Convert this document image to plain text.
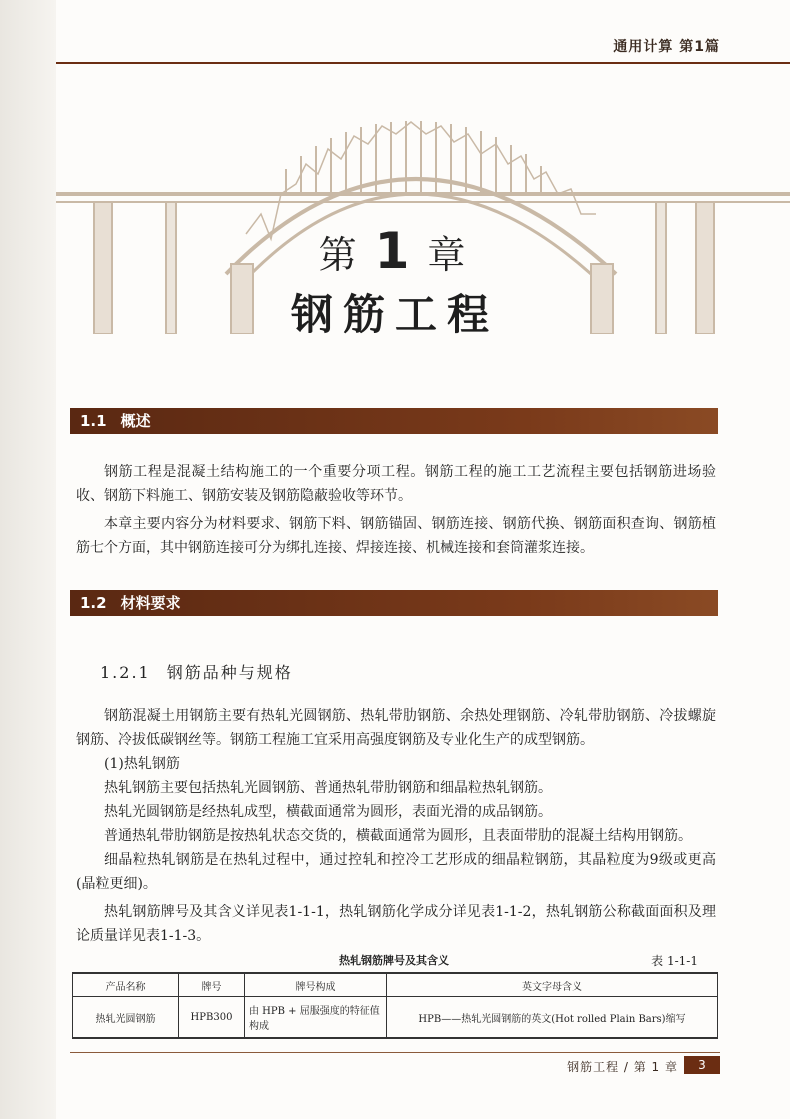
通用计算 第1篇
第 1 章
钢筋工程
1.1 概述
钢筋工程是混凝土结构施工的一个重要分项工程。钢筋工程的施工工艺流程主要包括钢筋进场验收、钢筋下料施工、钢筋安装及钢筋隐蔽验收等环节。
本章主要内容分为材料要求、钢筋下料、钢筋锚固、钢筋连接、钢筋代换、钢筋面积查询、钢筋植筋七个方面，其中钢筋连接可分为绑扎连接、焊接连接、机械连接和套筒灌浆连接。
1.2 材料要求
1.2.1 钢筋品种与规格
钢筋混凝土用钢筋主要有热轧光圆钢筋、热轧带肋钢筋、余热处理钢筋、冷轧带肋钢筋、冷拔螺旋钢筋、冷拔低碳钢丝等。钢筋工程施工宜采用高强度钢筋及专业化生产的成型钢筋。
(1)热轧钢筋
热轧钢筋主要包括热轧光圆钢筋、普通热轧带肋钢筋和细晶粒热轧钢筋。
热轧光圆钢筋是经热轧成型，横截面通常为圆形，表面光滑的成品钢筋。
普通热轧带肋钢筋是按热轧状态交货的，横截面通常为圆形，且表面带肋的混凝土结构用钢筋。
细晶粒热轧钢筋是在热轧过程中，通过控轧和控冷工艺形成的细晶粒钢筋，其晶粒度为9级或更高(晶粒更细)。
热轧钢筋牌号及其含义详见表1-1-1，热轧钢筋化学成分详见表1-1-2，热轧钢筋公称截面面积及理论质量详见表1-1-3。
热轧钢筋牌号及其含义	表 1-1-1
产品名称	牌号	牌号构成	英文字母含义
热轧光圆钢筋	HPB300	由 HPB + 屈服强度的特征值构成	HPB——热轧光圆钢筋的英文(Hot rolled Plain Bars)缩写
钢筋工程 / 第 1 章	3
